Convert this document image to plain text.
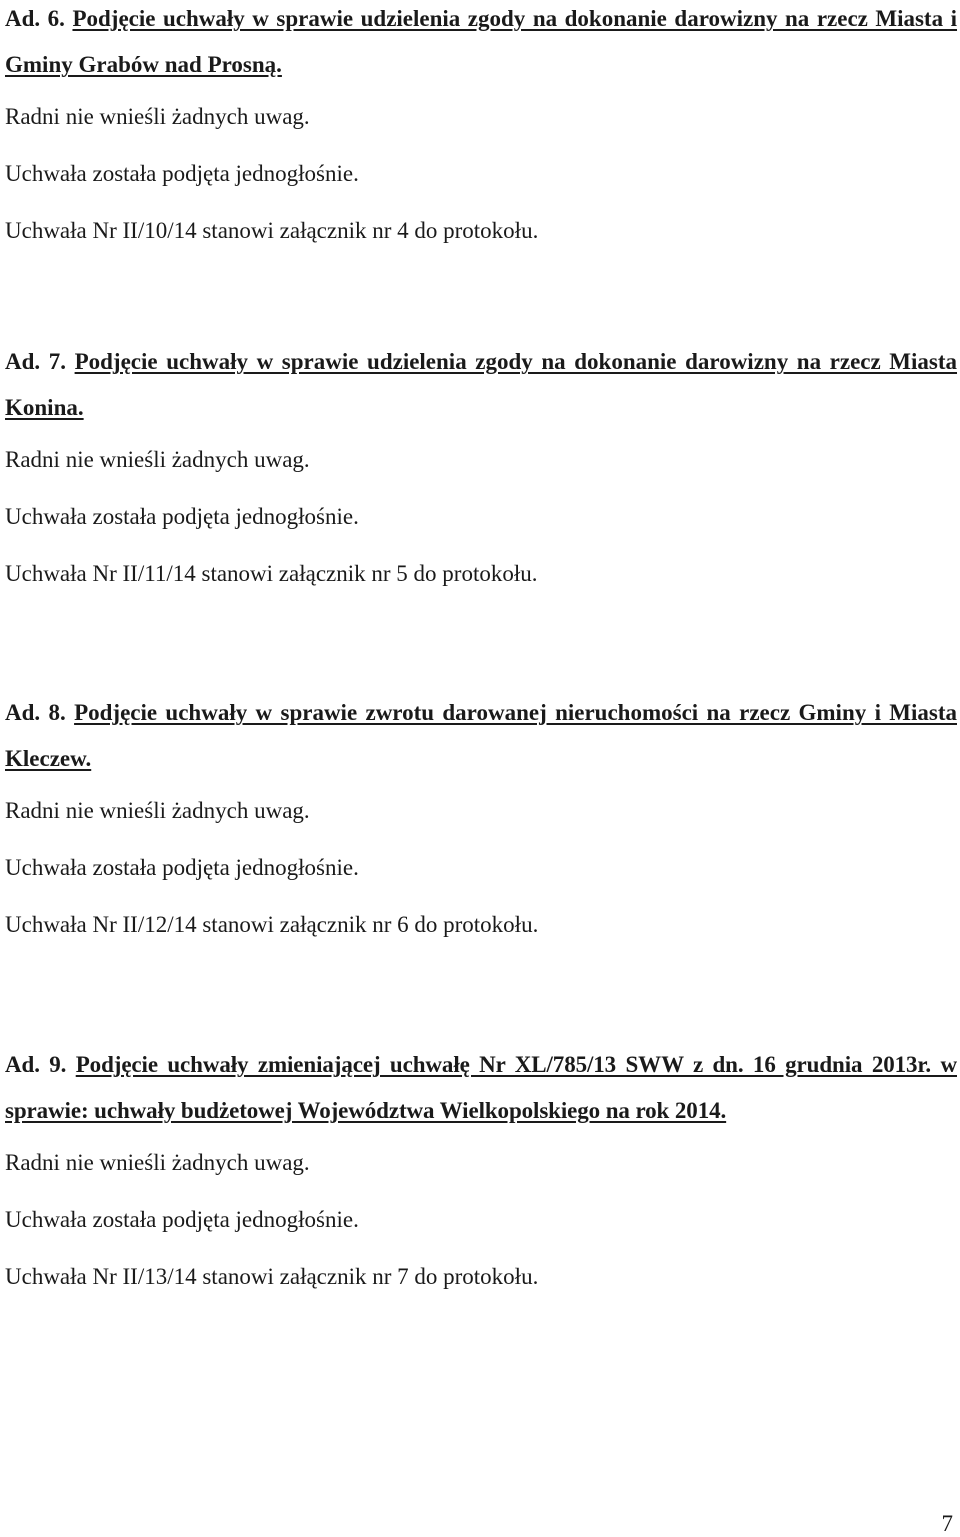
Ad. 6. Podjęcie uchwały w sprawie udzielenia zgody na dokonanie darowizny na rzecz Miasta i Gminy Grabów nad Prosną.

Radni nie wnieśli żadnych uwag.

Uchwała została podjęta jednogłośnie.

Uchwała Nr II/10/14 stanowi załącznik nr 4 do protokołu.

Ad. 7. Podjęcie uchwały w sprawie udzielenia zgody na dokonanie darowizny na rzecz Miasta Konina.

Radni nie wnieśli żadnych uwag.

Uchwała została podjęta jednogłośnie.

Uchwała Nr II/11/14 stanowi załącznik nr 5 do protokołu.

Ad. 8. Podjęcie uchwały w sprawie zwrotu darowanej nieruchomości na rzecz Gminy i Miasta Kleczew.

Radni nie wnieśli żadnych uwag.

Uchwała została podjęta jednogłośnie.

Uchwała Nr II/12/14 stanowi załącznik nr 6 do protokołu.

Ad. 9. Podjęcie uchwały zmieniającej uchwałę Nr XL/785/13 SWW z dn. 16 grudnia 2013r. w sprawie: uchwały budżetowej Województwa Wielkopolskiego na rok 2014.

Radni nie wnieśli żadnych uwag.

Uchwała została podjęta jednogłośnie.

Uchwała Nr II/13/14 stanowi załącznik nr 7 do protokołu.

7
